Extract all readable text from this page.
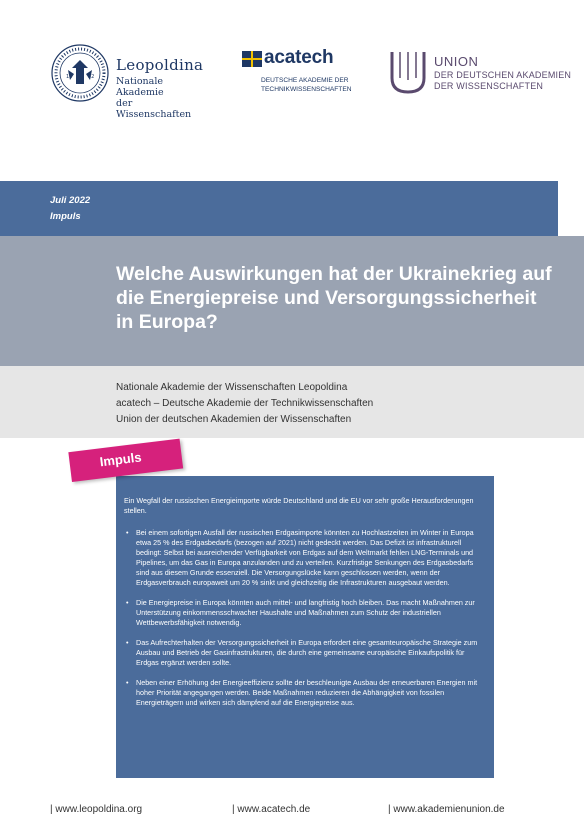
16	52
Leopoldina
Nationale Akademie
der Wissenschaften
acatech
DEUTSCHE AKADEMIE DER
TECHNIKWISSENSCHAFTEN
UNION
DER DEUTSCHEN AKADEMIEN
DER WISSENSCHAFTEN
Juli 2022
Impuls
Welche Auswirkungen hat der Ukrainekrieg auf die Energiepreise und Versorgungssicherheit in Europa?
Nationale Akademie der Wissenschaften Leopoldina
acatech – Deutsche Akademie der Technikwissenschaften
Union der deutschen Akademien der Wissenschaften
Ein Wegfall der russischen Energieimporte würde Deutschland und die EU vor sehr große Herausforderungen stellen.
• Bei einem sofortigen Ausfall der russischen Erdgasimporte könnten zu Hochlastzeiten im Winter in Europa etwa 25 % des Erdgasbedarfs (bezogen auf 2021) nicht gedeckt werden. Das Defizit ist infrastrukturell bedingt: Selbst bei ausreichender Verfügbarkeit von Erdgas auf dem Weltmarkt fehlen LNG-Terminals und Pipelines, um das Gas in Europa anzulanden und zu verteilen. Kurzfristige Senkungen des Erdgasbedarfs sind aus diesem Grunde essenziell. Die Versorgungslücke kann geschlossen werden, wenn der Erdgasverbrauch europaweit um 20 % sinkt und gleichzeitig die Infrastrukturen ausgebaut werden.
• Die Energiepreise in Europa könnten auch mittel- und langfristig hoch bleiben. Das macht Maßnahmen zur Unterstützung einkommensschwacher Haushalte und Maßnahmen zum Schutz der industriellen Wettbewerbsfähigkeit notwendig.
• Das Aufrechterhalten der Versorgungssicherheit in Europa erfordert eine gesamteuropäische Strategie zum Ausbau und Betrieb der Gasinfrastrukturen, die durch eine gemeinsame europäische Einkaufspolitik für Erdgas ergänzt werden sollte.
• Neben einer Erhöhung der Energieeffizienz sollte der beschleunigte Ausbau der erneuerbaren Energien mit hoher Priorität angegangen werden. Beide Maßnahmen reduzieren die Abhängigkeit von fossilen Energieträgern und wirken sich dämpfend auf die Energiepreise aus.
Impuls
| www.leopoldina.org	| www.acatech.de	| www.akademienunion.de
